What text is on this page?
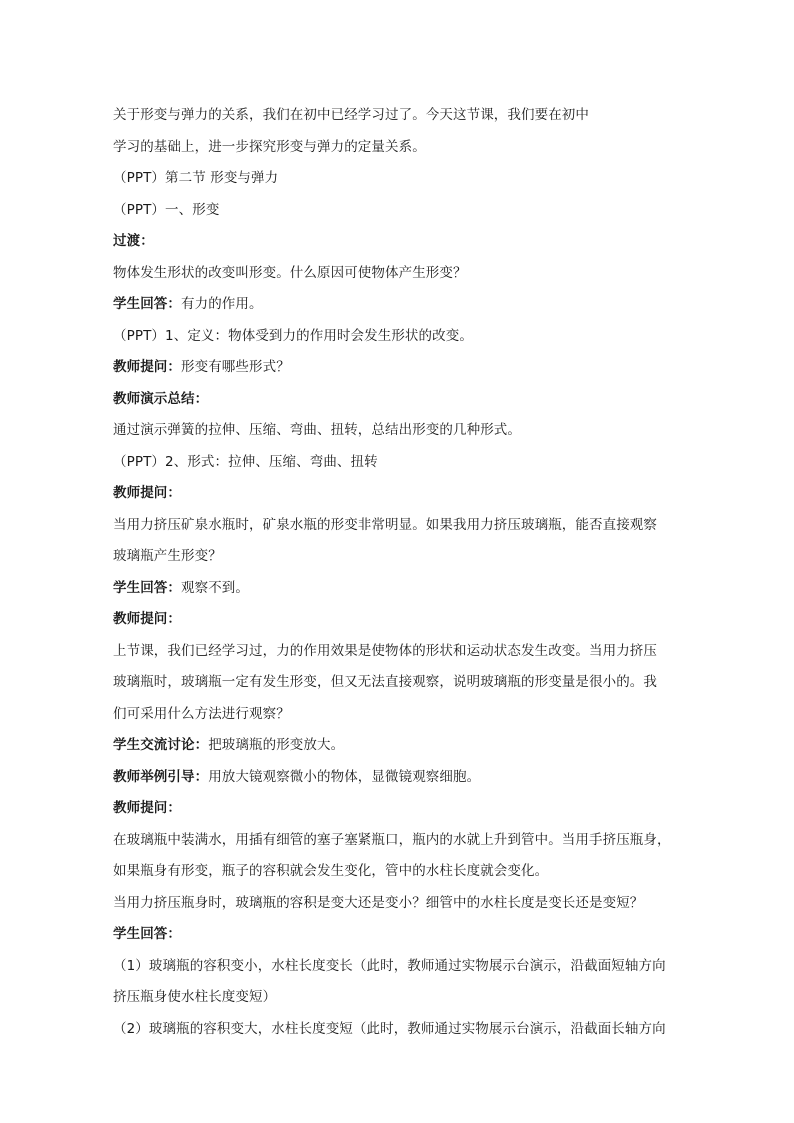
关于形变与弹力的关系，我们在初中已经学习过了。今天这节课，我们要在初中
学习的基础上，进一步探究形变与弹力的定量关系。
（PPT）第二节 形变与弹力
（PPT）一、形变
过渡：
物体发生形状的改变叫形变。什么原因可使物体产生形变？
学生回答：有力的作用。
（PPT）1、定义：物体受到力的作用时会发生形状的改变。
教师提问：形变有哪些形式？
教师演示总结：
通过演示弹簧的拉伸、压缩、弯曲、扭转，总结出形变的几种形式。
（PPT）2、形式：拉伸、压缩、弯曲、扭转
教师提问：
当用力挤压矿泉水瓶时，矿泉水瓶的形变非常明显。如果我用力挤压玻璃瓶，能否直接观察
玻璃瓶产生形变？
学生回答：观察不到。
教师提问：
上节课，我们已经学习过，力的作用效果是使物体的形状和运动状态发生改变。当用力挤压
玻璃瓶时，玻璃瓶一定有发生形变，但又无法直接观察，说明玻璃瓶的形变量是很小的。我
们可采用什么方法进行观察？
学生交流讨论：把玻璃瓶的形变放大。
教师举例引导：用放大镜观察微小的物体，显微镜观察细胞。
教师提问：
在玻璃瓶中装满水，用插有细管的塞子塞紧瓶口，瓶内的水就上升到管中。当用手挤压瓶身，
如果瓶身有形变，瓶子的容积就会发生变化，管中的水柱长度就会变化。
当用力挤压瓶身时，玻璃瓶的容积是变大还是变小？细管中的水柱长度是变长还是变短？
学生回答：
（1）玻璃瓶的容积变小，水柱长度变长（此时，教师通过实物展示台演示，沿截面短轴方向
挤压瓶身使水柱长度变短）
（2）玻璃瓶的容积变大，水柱长度变短（此时，教师通过实物展示台演示，沿截面长轴方向
